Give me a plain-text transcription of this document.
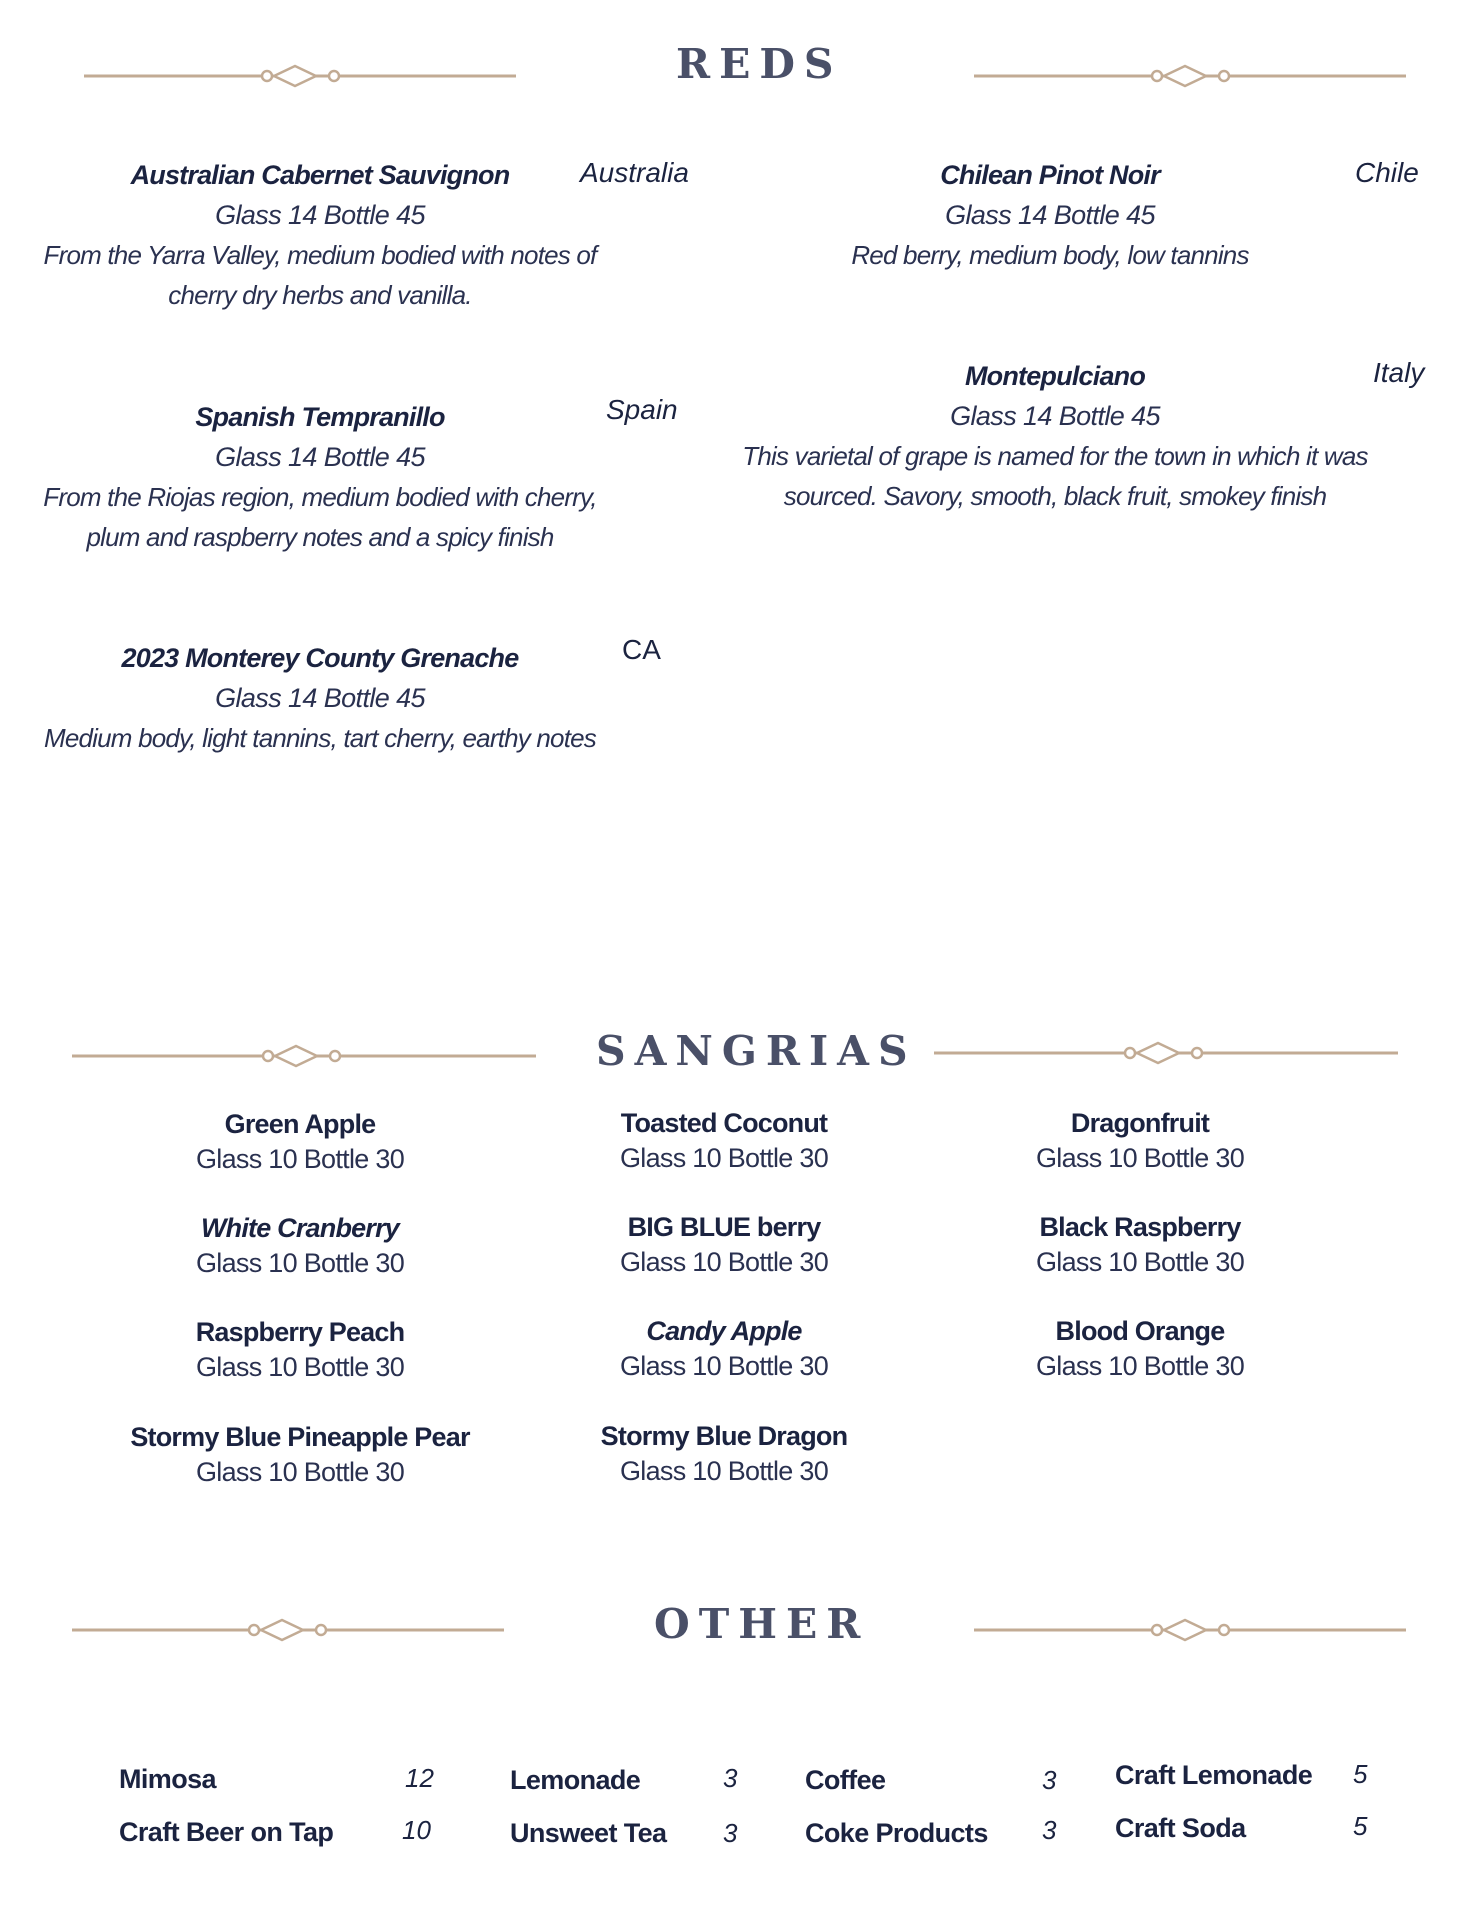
REDS
Australian Cabernet Sauvignon
Glass 14 Bottle 45
From the Yarra Valley, medium bodied with notes of
cherry dry herbs and vanilla.
Australia	Chilean Pinot Noir
Glass 14 Bottle 45
Red berry, medium body, low tannins
Chile
Spanish Tempranillo
Glass 14 Bottle 45
From the Riojas region, medium bodied with cherry,
plum and raspberry notes and a spicy finish
Spain
Montepulciano
Glass 14 Bottle 45
This varietal of grape is named for the town in which it was
sourced. Savory, smooth, black fruit, smokey finish
Italy
2023 Monterey County Grenache
Glass 14 Bottle 45
Medium body, light tannins, tart cherry, earthy notes
CA
SANGRIAS
Green Apple
Glass 10 Bottle 30
White Cranberry
Glass 10 Bottle 30
Raspberry Peach
Glass 10 Bottle 30
Stormy Blue Pineapple Pear
Glass 10 Bottle 30
Toasted Coconut
Glass 10 Bottle 30
BIG BLUE berry
Glass 10 Bottle 30
Candy Apple
Glass 10 Bottle 30
Stormy Blue Dragon
Glass 10 Bottle 30
Dragonfruit
Glass 10 Bottle 30
Black Raspberry
Glass 10 Bottle 30
Blood Orange
Glass 10 Bottle 30
OTHER
Mimosa	12
Craft Beer on Tap	10
Lemonade	3
Unsweet Tea 3
Coffee	3
Coke Products 3
Craft Lemonade 5
Craft Soda	5
